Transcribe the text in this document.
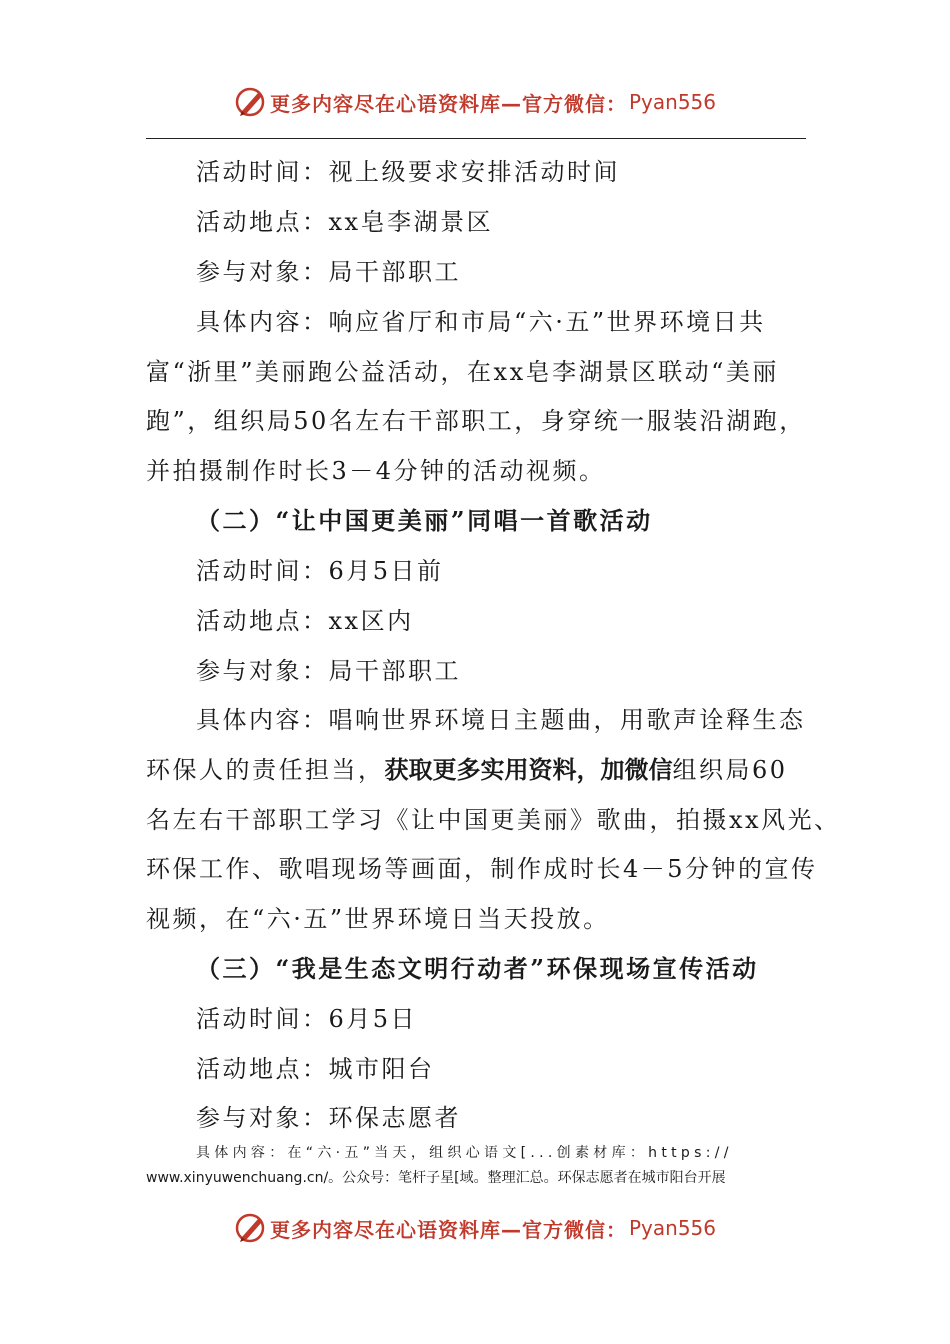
更多内容尽在心语资料库—官方微信： Pyan556
活动时间：视上级要求安排活动时间
活动地点：xx皂李湖景区
参与对象：局干部职工
具体内容：响应省厅和市局“六·五”世界环境日共
富“浙里”美丽跑公益活动，在xx皂李湖景区联动“美丽
跑”，组织局50名左右干部职工，身穿统一服装沿湖跑，
并拍摄制作时长3－4分钟的活动视频。
（二）“让中国更美丽”同唱一首歌活动
活动时间：6月5日前
活动地点：xx区内
参与对象：局干部职工
具体内容：唱响世界环境日主题曲，用歌声诠释生态
环保人的责任担当，获取更多实用资料，加微信组织局60
名左右干部职工学习《让中国更美丽》歌曲，拍摄xx风光、
环保工作、歌唱现场等画面，制作成时长4－5分钟的宣传
视频，在“六·五”世界环境日当天投放。
（三）“我是生态文明行动者”环保现场宣传活动
活动时间：6月5日
活动地点：城市阳台
参与对象：环保志愿者
具体内容：在“六·五”当天，组织心语文[...创素材库：https://
www.xinyuwenchuang.cn/。公众号：笔杆子星[域。整理汇总。环保志愿者在城市阳台开展
更多内容尽在心语资料库—官方微信： Pyan556
